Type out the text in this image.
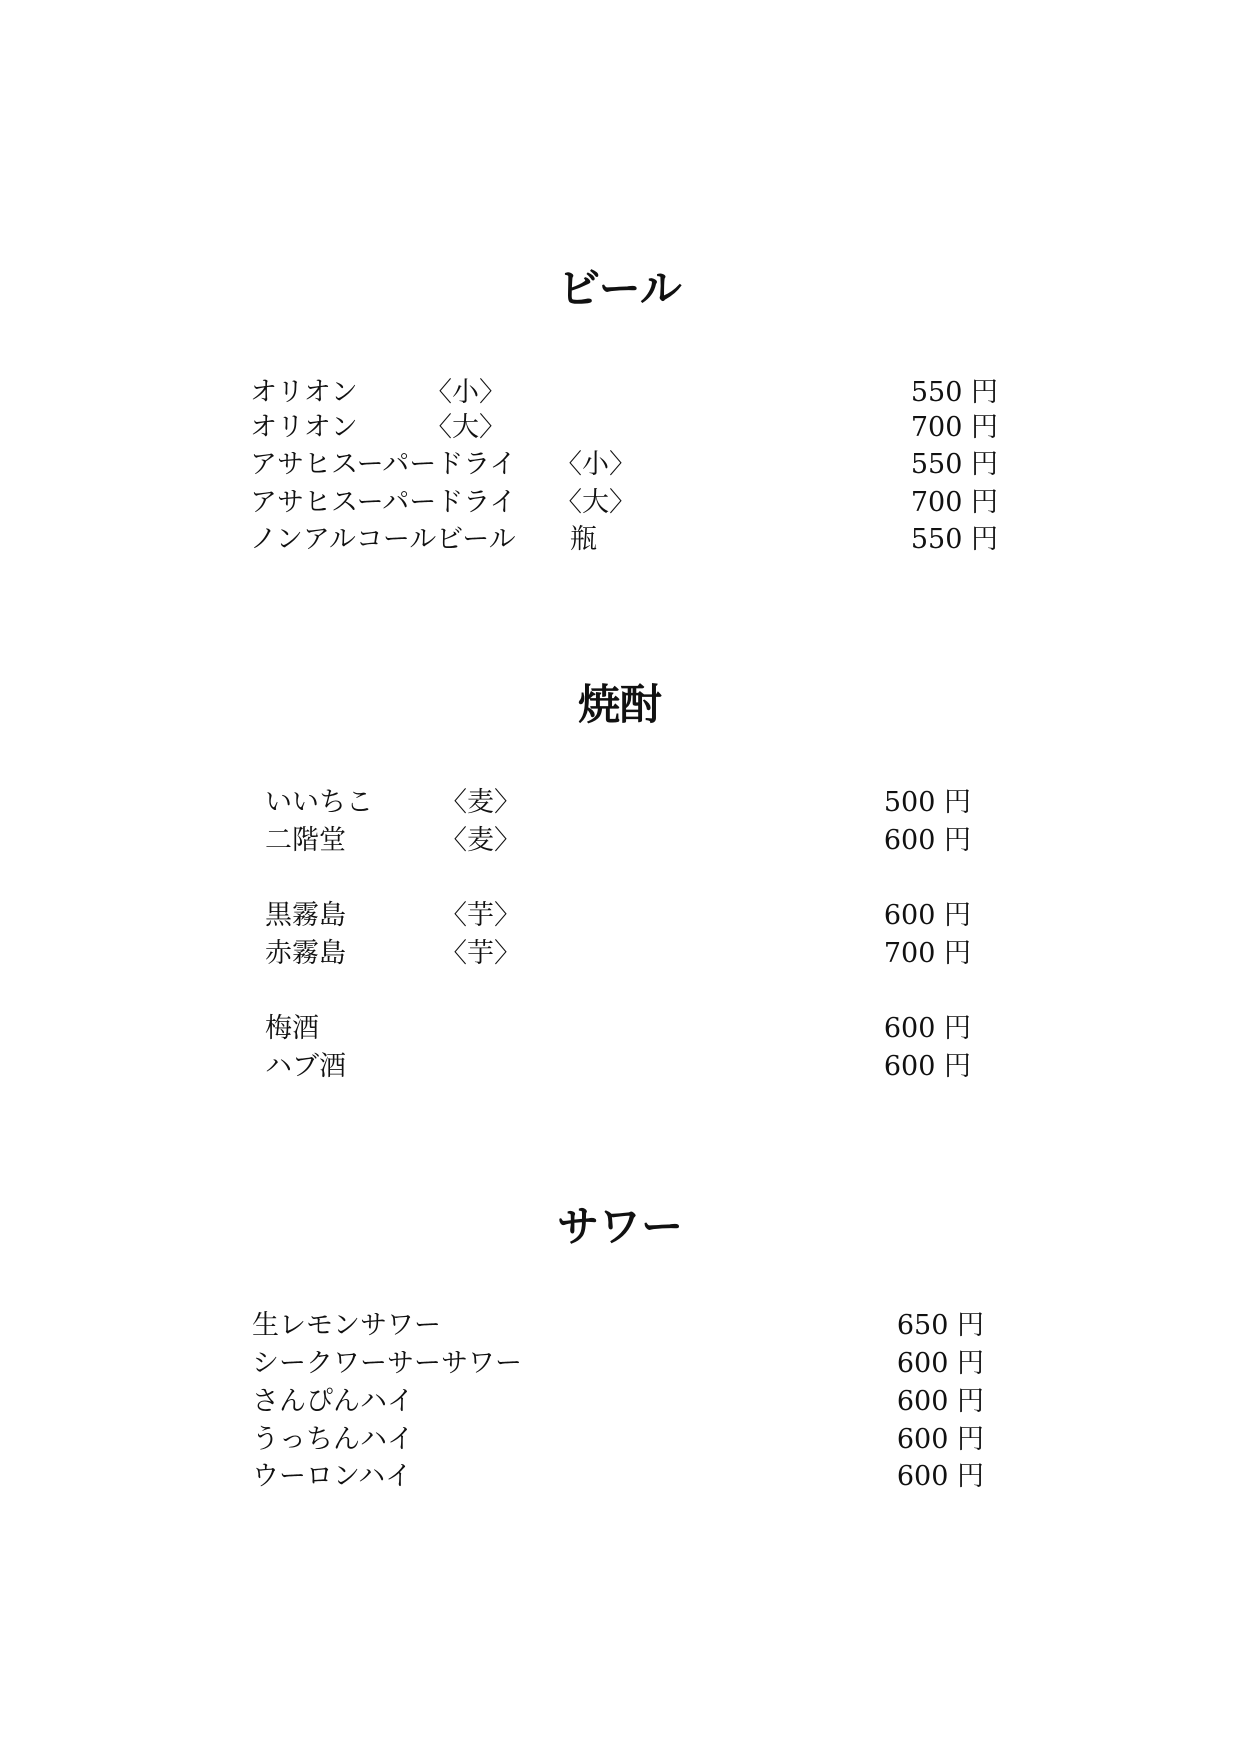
ビール
オリオン 〈小〉	550 円
オリオン 〈大〉	700 円
アサヒスーパードライ 〈小〉	550 円
アサヒスーパードライ 〈大〉	700 円
ノンアルコールビール 瓶	550 円
焼酎
いいちこ 〈麦〉	500 円
二階堂	〈麦〉	600 円
黒霧島	〈芋〉	600 円
赤霧島	〈芋〉	700 円
梅酒	600 円
ハブ酒	600 円
サワー
生レモンサワー	650 円
シークワーサーサワー	600 円
さんぴんハイ	600 円
うっちんハイ	600 円
ウーロンハイ	600 円
